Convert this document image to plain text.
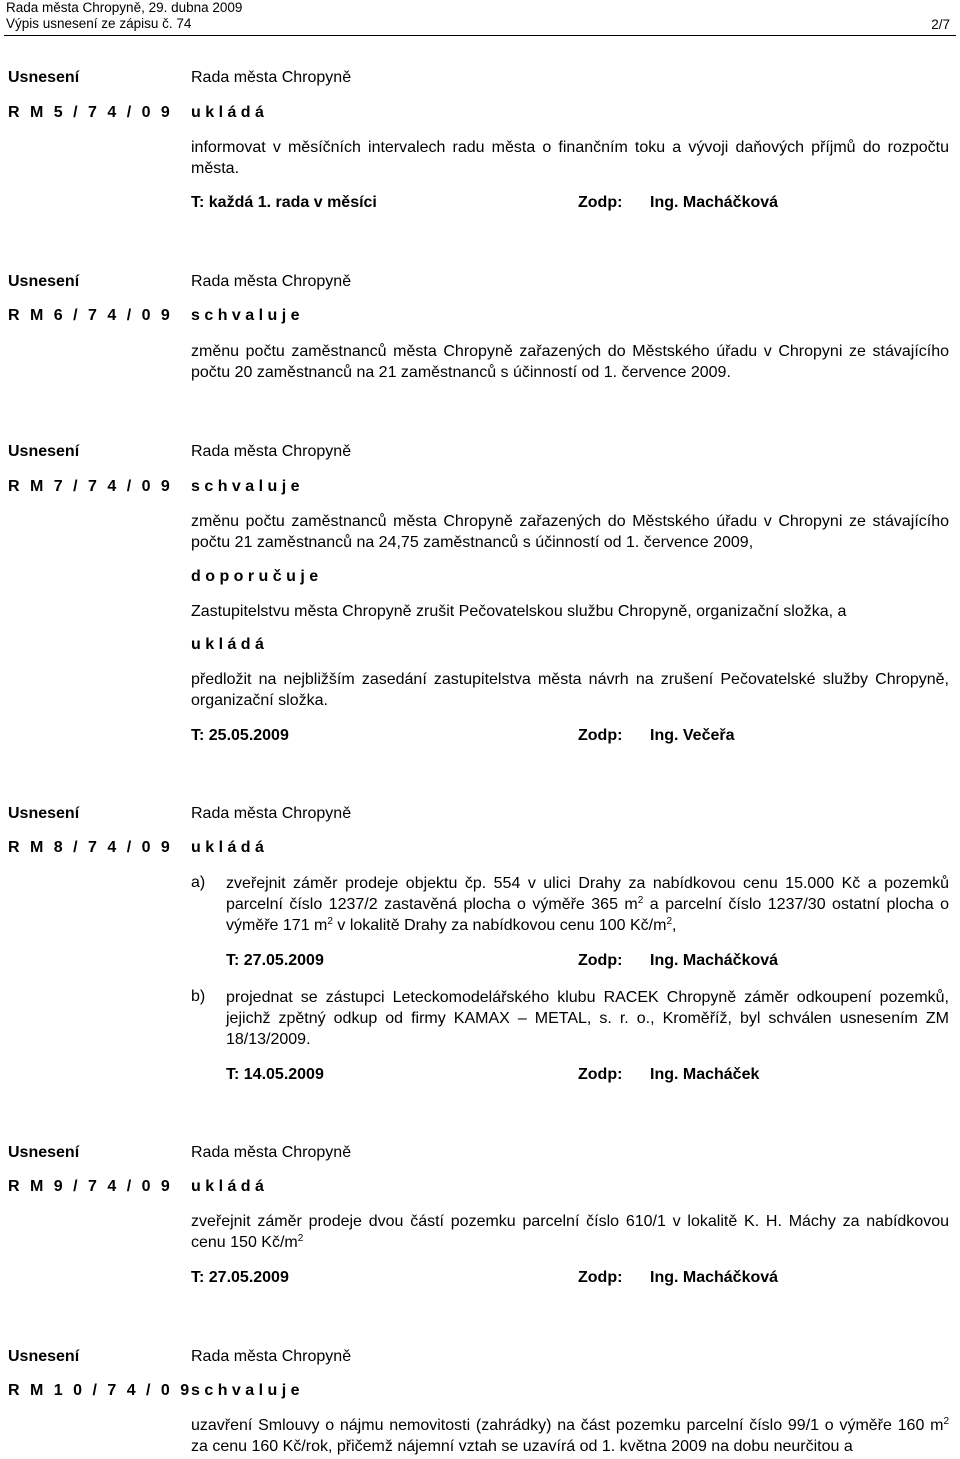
Rada města Chropyně, 29. dubna 2009
Výpis usnesení ze zápisu č. 74	2/7
Usnesení
R M 5 / 7 4 / 0 9
Rada města Chropyně
u k l á d á
informovat v měsíčních intervalech radu města o finančním toku a vývoji daňových příjmů do rozpočtu města.
T: každá 1. rada v měsíci	Zodp: Ing. Macháčková
Usnesení
R M 6 / 7 4 / 0 9
Rada města Chropyně
s c h v a l u j e
změnu počtu zaměstnanců města Chropyně zařazených do Městského úřadu v Chropyni ze stávajícího počtu 20 zaměstnanců na 21 zaměstnanců s účinností od 1. července 2009.
Usnesení
R M 7 / 7 4 / 0 9
Rada města Chropyně
s c h v a l u j e
změnu počtu zaměstnanců města Chropyně zařazených do Městského úřadu v Chropyni ze stávajícího počtu 21 zaměstnanců na 24,75 zaměstnanců s účinností od 1. července 2009,
d o p o r u č u j e
Zastupitelstvu města Chropyně zrušit Pečovatelskou službu Chropyně, organizační složka, a
u k l á d á
předložit na nejbližším zasedání zastupitelstva města návrh na zrušení Pečovatelské služby Chropyně, organizační složka.
T: 25.05.2009	Zodp: Ing. Večeřa
Usnesení
R M 8 / 7 4 / 0 9
Rada města Chropyně
u k l á d á
a) zveřejnit záměr prodeje objektu čp. 554 v ulici Drahy za nabídkovou cenu 15.000 Kč a pozemků parcelní číslo 1237/2 zastavěná plocha o výměře 365 $m^2$ a parcelní číslo 1237/30 ostatní plocha o výměře 171 $m^2$ v lokalitě Drahy za nabídkovou cenu 100 $Kč/m^2$,
T: 27.05.2009	Zodp: Ing. Macháčková
b) projednat se zástupci Leteckomodelářského klubu RACEK Chropyně záměr odkoupení pozemků, jejichž zpětný odkup od firmy KAMAX – METAL, s. r. o., Kroměříž, byl schválen usnesením ZM 18/13/2009.
T: 14.05.2009	Zodp: Ing. Macháček
Usnesení
R M 9 / 7 4 / 0 9
Rada města Chropyně
u k l á d á
zveřejnit záměr prodeje dvou částí pozemku parcelní číslo 610/1 v lokalitě K. H. Máchy za nabídkovou cenu 150 $Kč/m^2$
T: 27.05.2009	Zodp: Ing. Macháčková
Usnesení
R M 1 0 / 7 4 / 0 9
Rada města Chropyně
s c h v a l u j e
uzavření Smlouvy o nájmu nemovitosti (zahrádky) na část pozemku parcelní číslo 99/1 o výměře 160 $m^2$ za cenu 160 Kč/rok, přičemž nájemní vztah se uzavírá od 1. května 2009 na dobu neurčitou a
